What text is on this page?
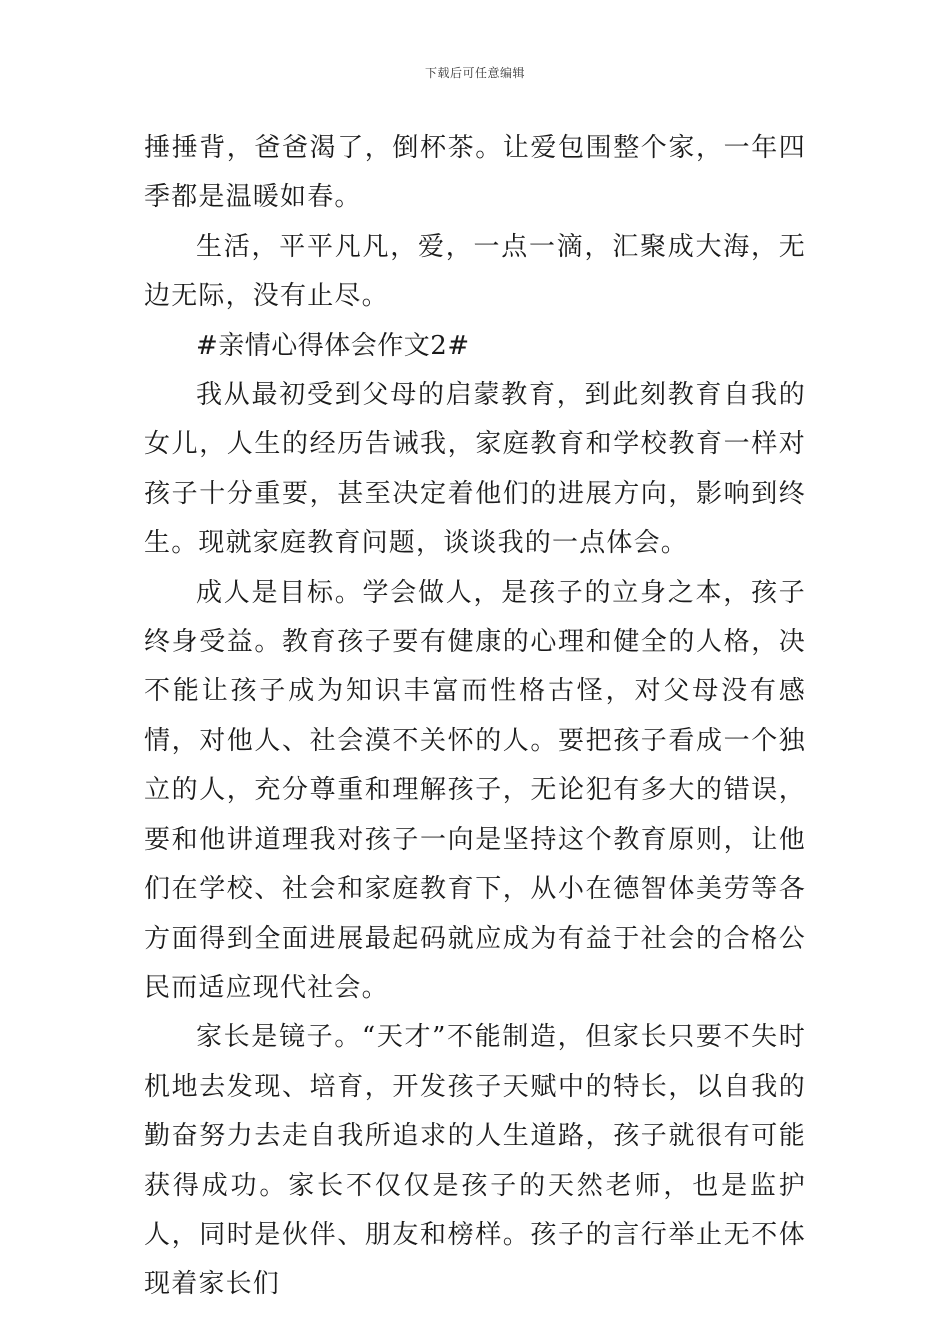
下载后可任意编辑

捶捶背，爸爸渴了，倒杯茶。让爱包围整个家，一年四季都是温暖如春。

生活，平平凡凡，爱，一点一滴，汇聚成大海，无边无际，没有止尽。

#亲情心得体会作文2#

我从最初受到父母的启蒙教育，到此刻教育自我的女儿，人生的经历告诫我，家庭教育和学校教育一样对孩子十分重要，甚至决定着他们的进展方向，影响到终生。现就家庭教育问题，谈谈我的一点体会。

成人是目标。学会做人，是孩子的立身之本，孩子终身受益。教育孩子要有健康的心理和健全的人格，决不能让孩子成为知识丰富而性格古怪，对父母没有感情，对他人、社会漠不关怀的人。要把孩子看成一个独立的人，充分尊重和理解孩子，无论犯有多大的错误，要和他讲道理我对孩子一向是坚持这个教育原则，让他们在学校、社会和家庭教育下，从小在德智体美劳等各方面得到全面进展最起码就应成为有益于社会的合格公民而适应现代社会。

家长是镜子。“天才”不能制造，但家长只要不失时机地去发现、培育，开发孩子天赋中的特长，以自我的勤奋努力去走自我所追求的人生道路，孩子就很有可能获得成功。家长不仅仅是孩子的天然老师，也是监护人，同时是伙伴、朋友和榜样。孩子的言行举止无不体现着家长们
